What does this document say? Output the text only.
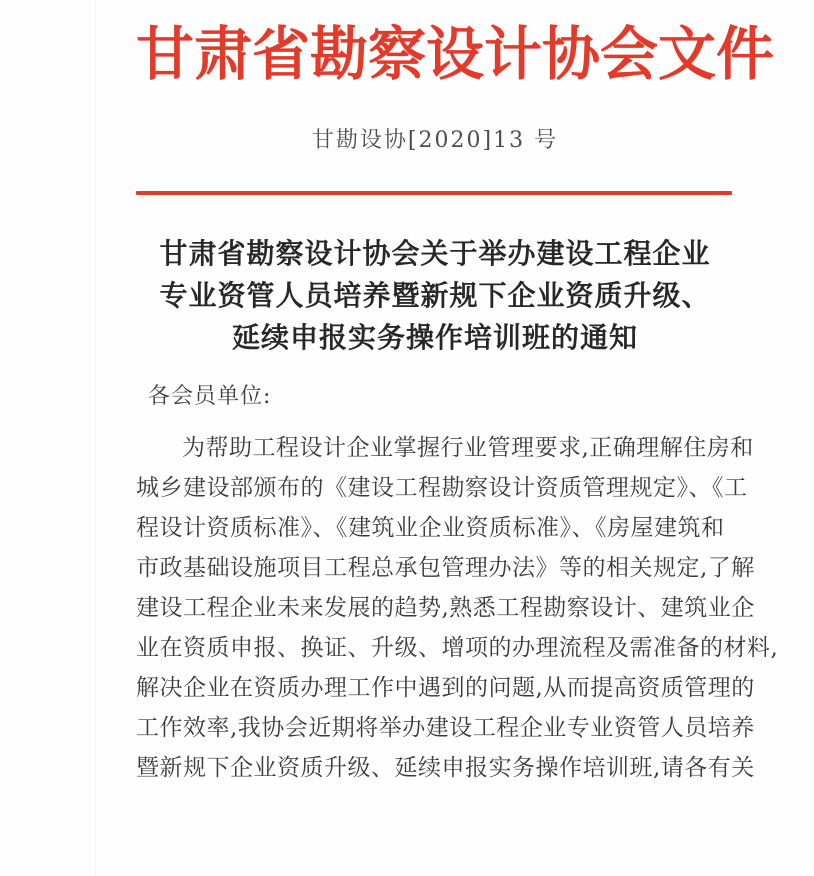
甘肃省勘察设计协会文件
甘勘设协[2020]13 号
甘肃省勘察设计协会关于举办建设工程企业
专业资管人员培养暨新规下企业资质升级、
延续申报实务操作培训班的通知
各会员单位:

为帮助工程设计企业掌握行业管理要求,正确理解住房和

城乡建设部颁布的《建设工程勘察设计资质管理规定》、《工

程设计资质标准》、《建筑业企业资质标准》、《房屋建筑和

市政基础设施项目工程总承包管理办法》等的相关规定,了解

建设工程企业未来发展的趋势,熟悉工程勘察设计、建筑业企

业在资质申报、换证、升级、增项的办理流程及需准备的材料,

解决企业在资质办理工作中遇到的问题,从而提高资质管理的

工作效率,我协会近期将举办建设工程企业专业资管人员培养

暨新规下企业资质升级、延续申报实务操作培训班,请各有关
